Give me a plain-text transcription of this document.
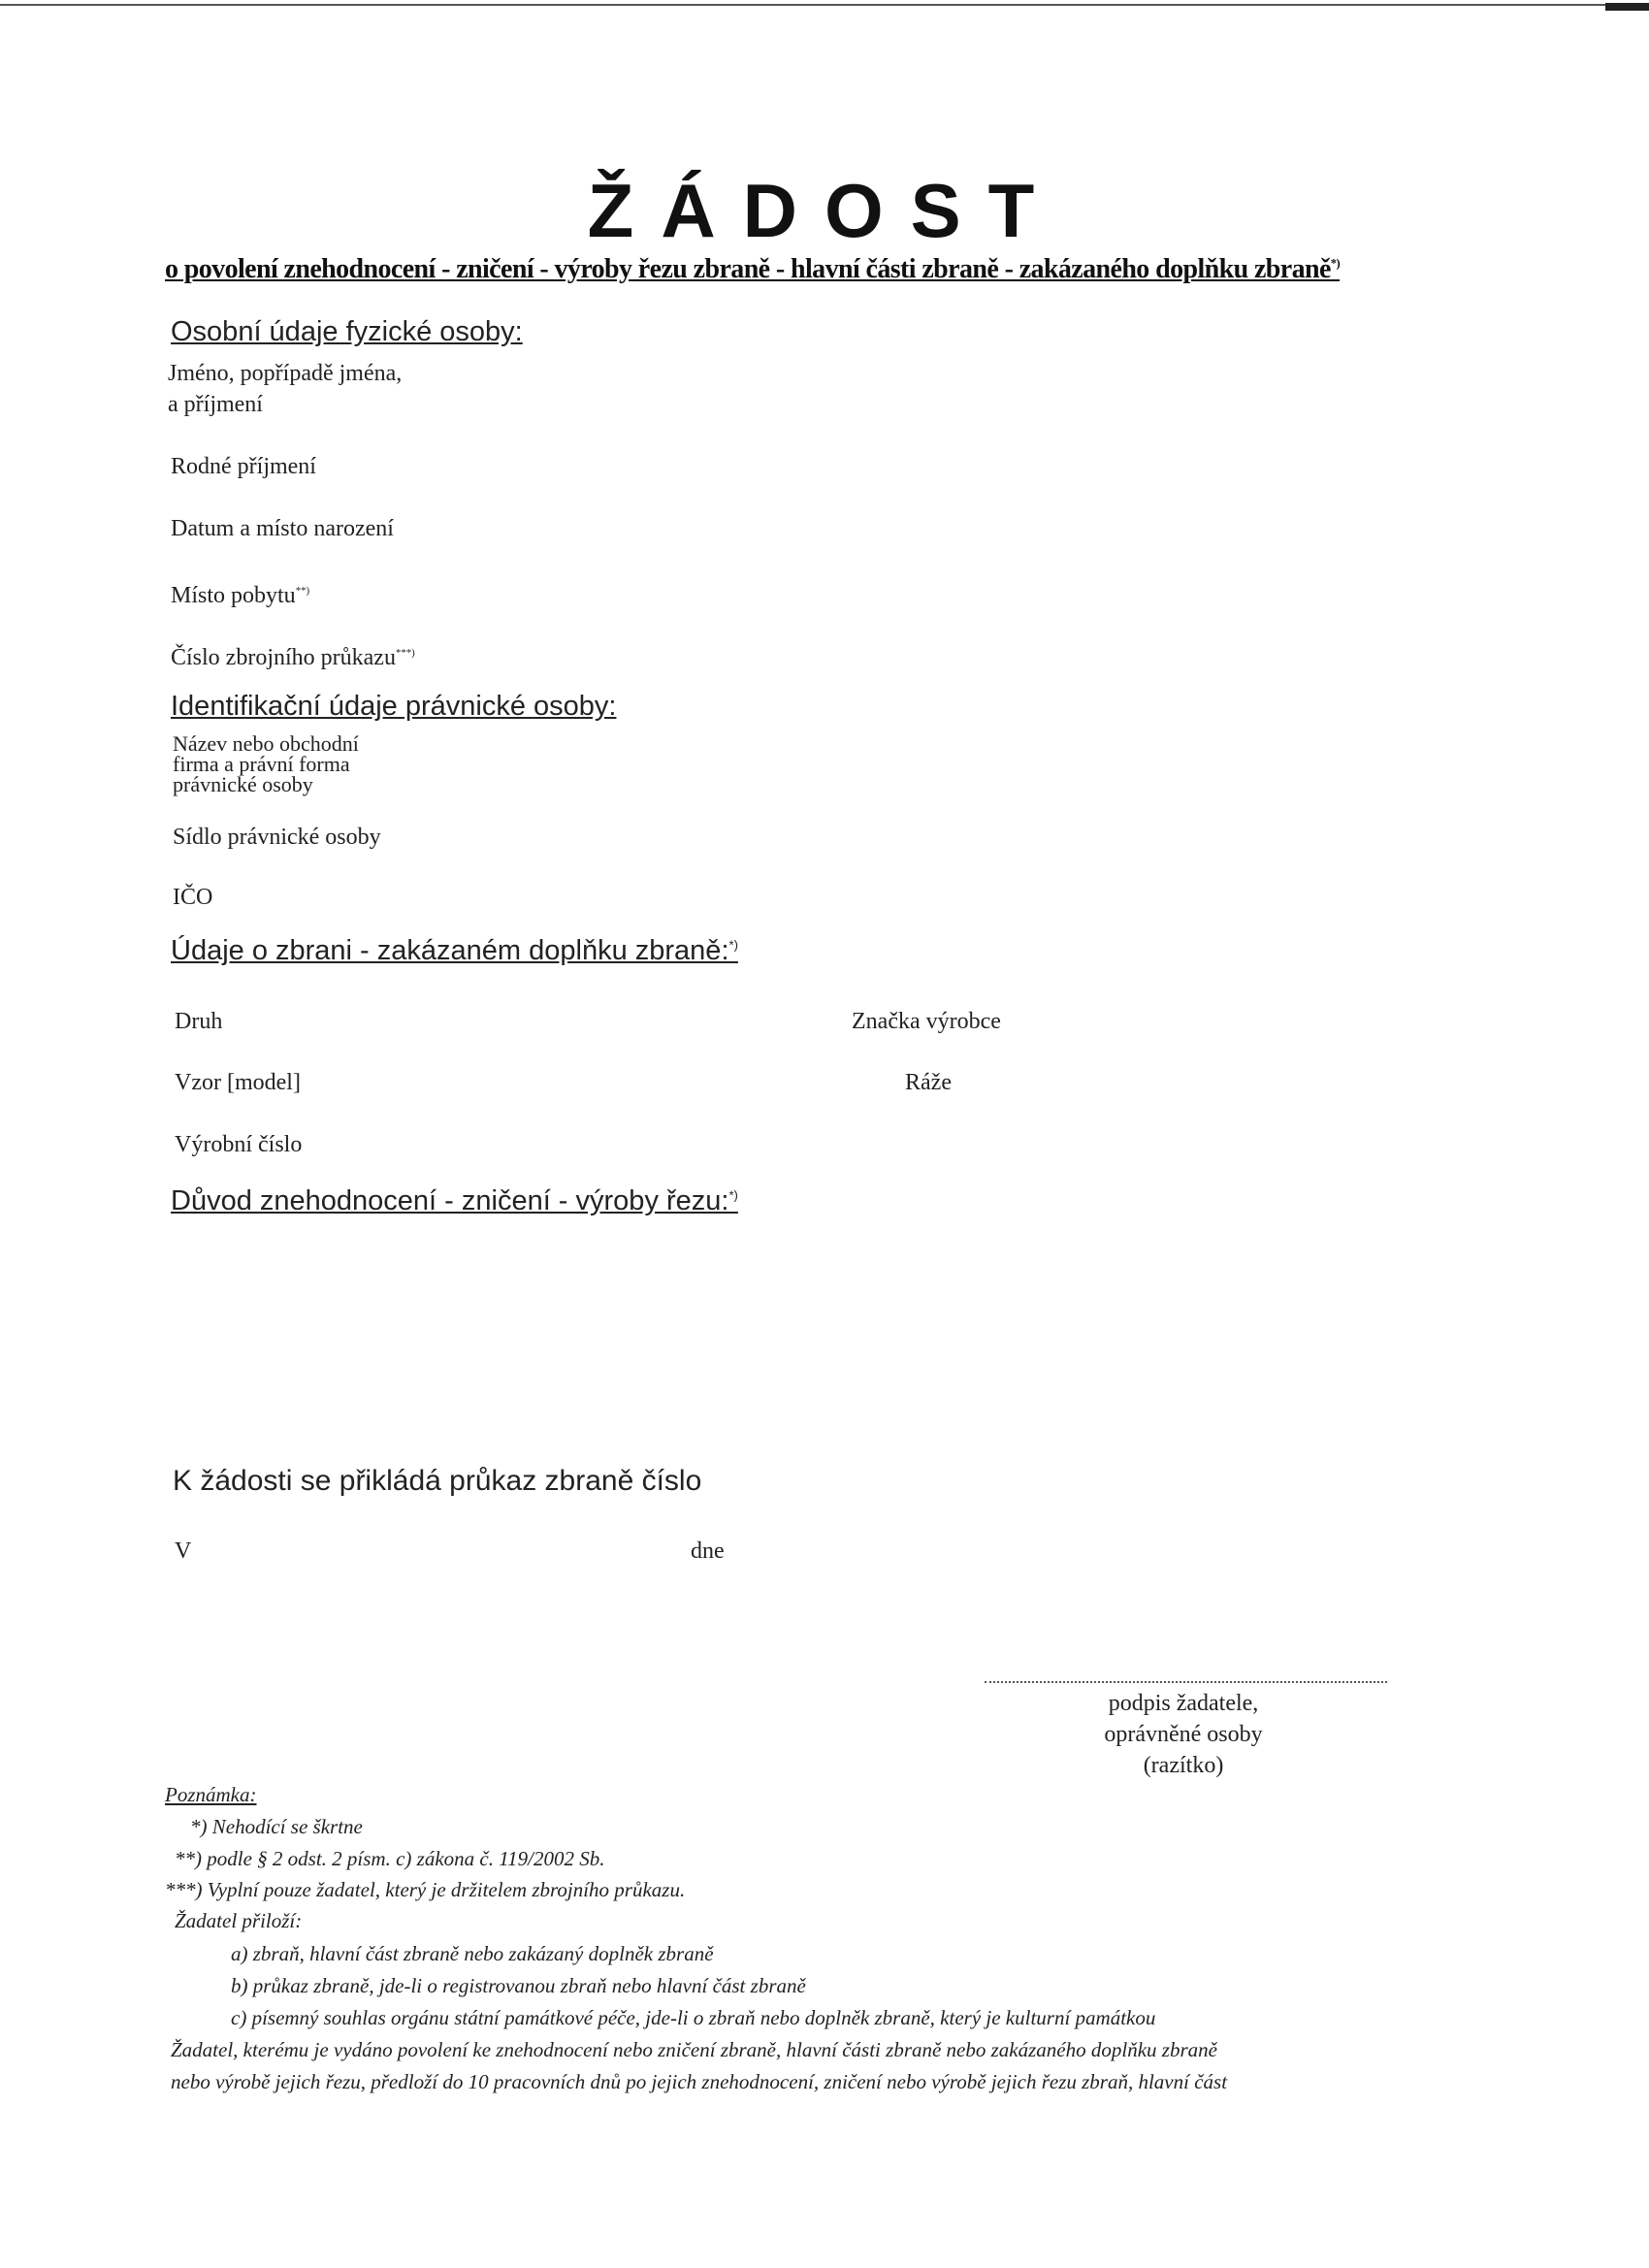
ŽÁDOST
o povolení znehodnocení - zničení - výroby řezu zbraně - hlavní části zbraně - zakázaného doplňku zbraně*)
Osobní údaje fyzické osoby:
Jméno, popřípadě jména,
a příjmení
Rodné příjmení
Datum a místo narození
Místo pobytu**)
Číslo zbrojního průkazu***)
Identifikační údaje právnické osoby:
Název nebo obchodní
firma a právní forma
právnické osoby
Sídlo právnické osoby
IČO
Údaje o zbrani - zakázaném doplňku zbraně:*)
Druh	Značka výrobce
Vzor [model]	Ráže
Výrobní číslo
Důvod znehodnocení - zničení - výroby řezu:*)
K žádosti se přikládá průkaz zbraně číslo
V	dne
podpis žadatele,
oprávněné osoby
(razítko)
Poznámka:
*) Nehodící se škrtne
**) podle § 2 odst. 2 písm. c) zákona č. 119/2002 Sb.
***) Vyplní pouze žadatel, který je držitelem zbrojního průkazu.
Žadatel přiloží:
a) zbraň, hlavní část zbraně nebo zakázaný doplněk zbraně
b) průkaz zbraně, jde-li o registrovanou zbraň nebo hlavní část zbraně
c) písemný souhlas orgánu státní památkové péče, jde-li o zbraň nebo doplněk zbraně, který je kulturní památkou
Žadatel, kterému je vydáno povolení ke znehodnocení nebo zničení zbraně, hlavní části zbraně nebo zakázaného doplňku zbraně
nebo výrobě jejich řezu, předloží do 10 pracovních dnů po jejich znehodnocení, zničení nebo výrobě jejich řezu zbraň, hlavní část
